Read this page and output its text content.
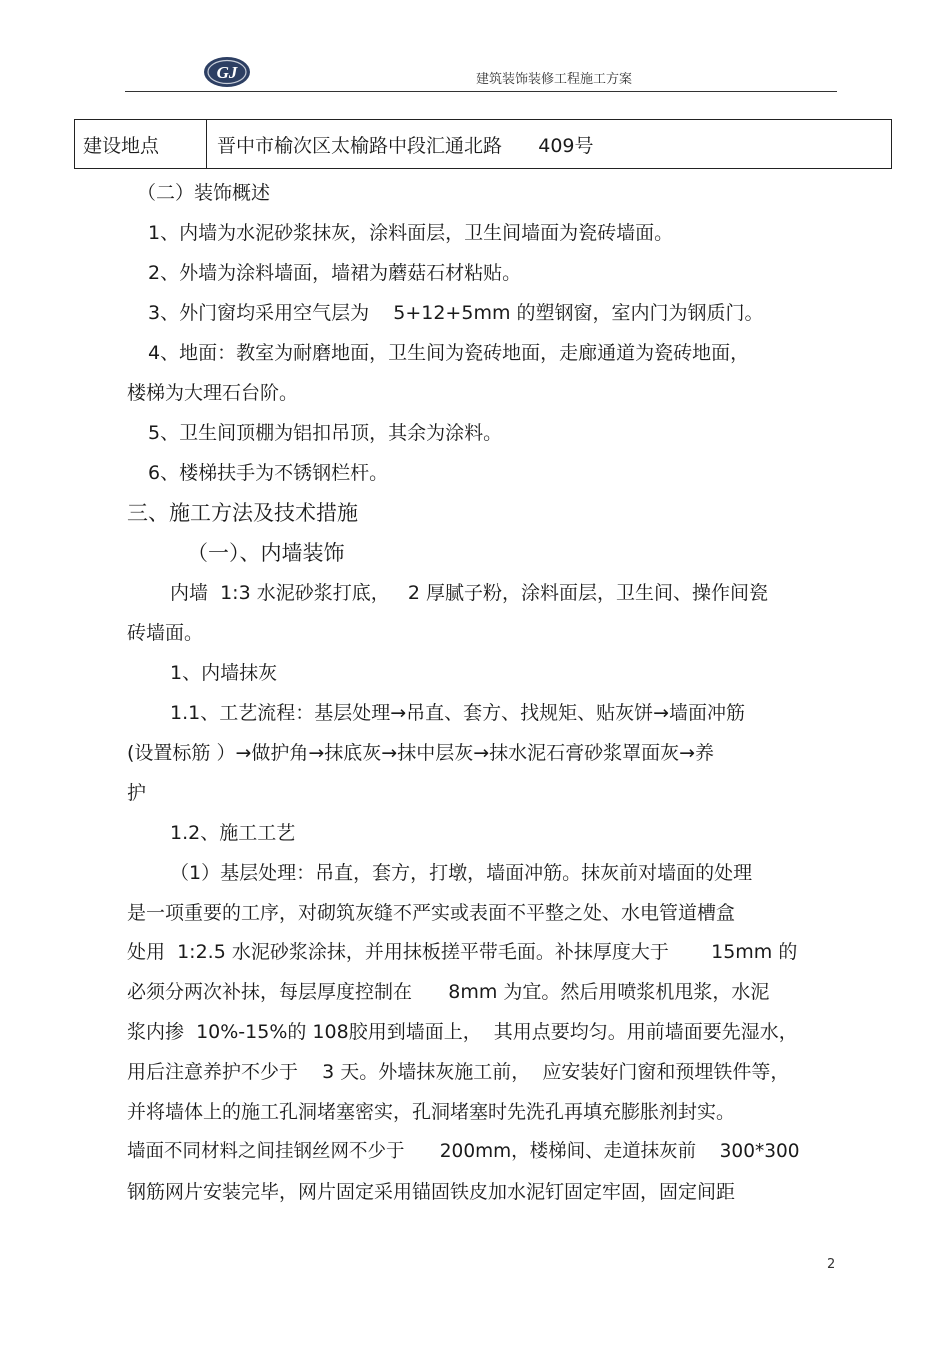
GJ	建筑装饰装修工程施工方案
建设地点	晋中市榆次区太榆路中段汇通北路      409号
（二）装饰概述
1、内墙为水泥砂浆抹灰，涂料面层，卫生间墙面为瓷砖墙面。
2、外墙为涂料墙面，墙裙为蘑菇石材粘贴。
3、外门窗均采用空气层为    5+12+5mm 的塑钢窗，室内门为钢质门。
4、地面：教室为耐磨地面，卫生间为瓷砖地面，走廊通道为瓷砖地面，
楼梯为大理石台阶。
5、卫生间顶棚为铝扣吊顶，其余为涂料。
6、楼梯扶手为不锈钢栏杆。
三、施工方法及技术措施
（一）、内墙装饰
内墙  1:3 水泥砂浆打底，   2 厚腻子粉，涂料面层，卫生间、操作间瓷
砖墙面。
1、内墙抹灰
1.1、工艺流程：基层处理→吊直、套方、找规矩、贴灰饼→墙面冲筋
(设置标筋 ）→做护角→抹底灰→抹中层灰→抹水泥石膏砂浆罩面灰→养
护
1.2、施工工艺
（1）基层处理：吊直，套方，打墩，墙面冲筋。抹灰前对墙面的处理
是一项重要的工序，对砌筑灰缝不严实或表面不平整之处、水电管道槽盒
处用  1:2.5 水泥砂浆涂抹，并用抹板搓平带毛面。补抹厚度大于       15mm 的
必须分两次补抹，每层厚度控制在      8mm 为宜。然后用喷浆机甩浆，水泥
浆内掺  10%-15%的 108胶用到墙面上，  其用点要均匀。用前墙面要先湿水，
用后注意养护不少于    3 天。外墙抹灰施工前，  应安装好门窗和预埋铁件等，
并将墙体上的施工孔洞堵塞密实，孔洞堵塞时先洗孔再填充膨胀剂封实。
墙面不同材料之间挂钢丝网不少于      200mm，楼梯间、走道抹灰前    300*300
钢筋网片安装完毕，网片固定采用锚固铁皮加水泥钉固定牢固，固定间距
2
